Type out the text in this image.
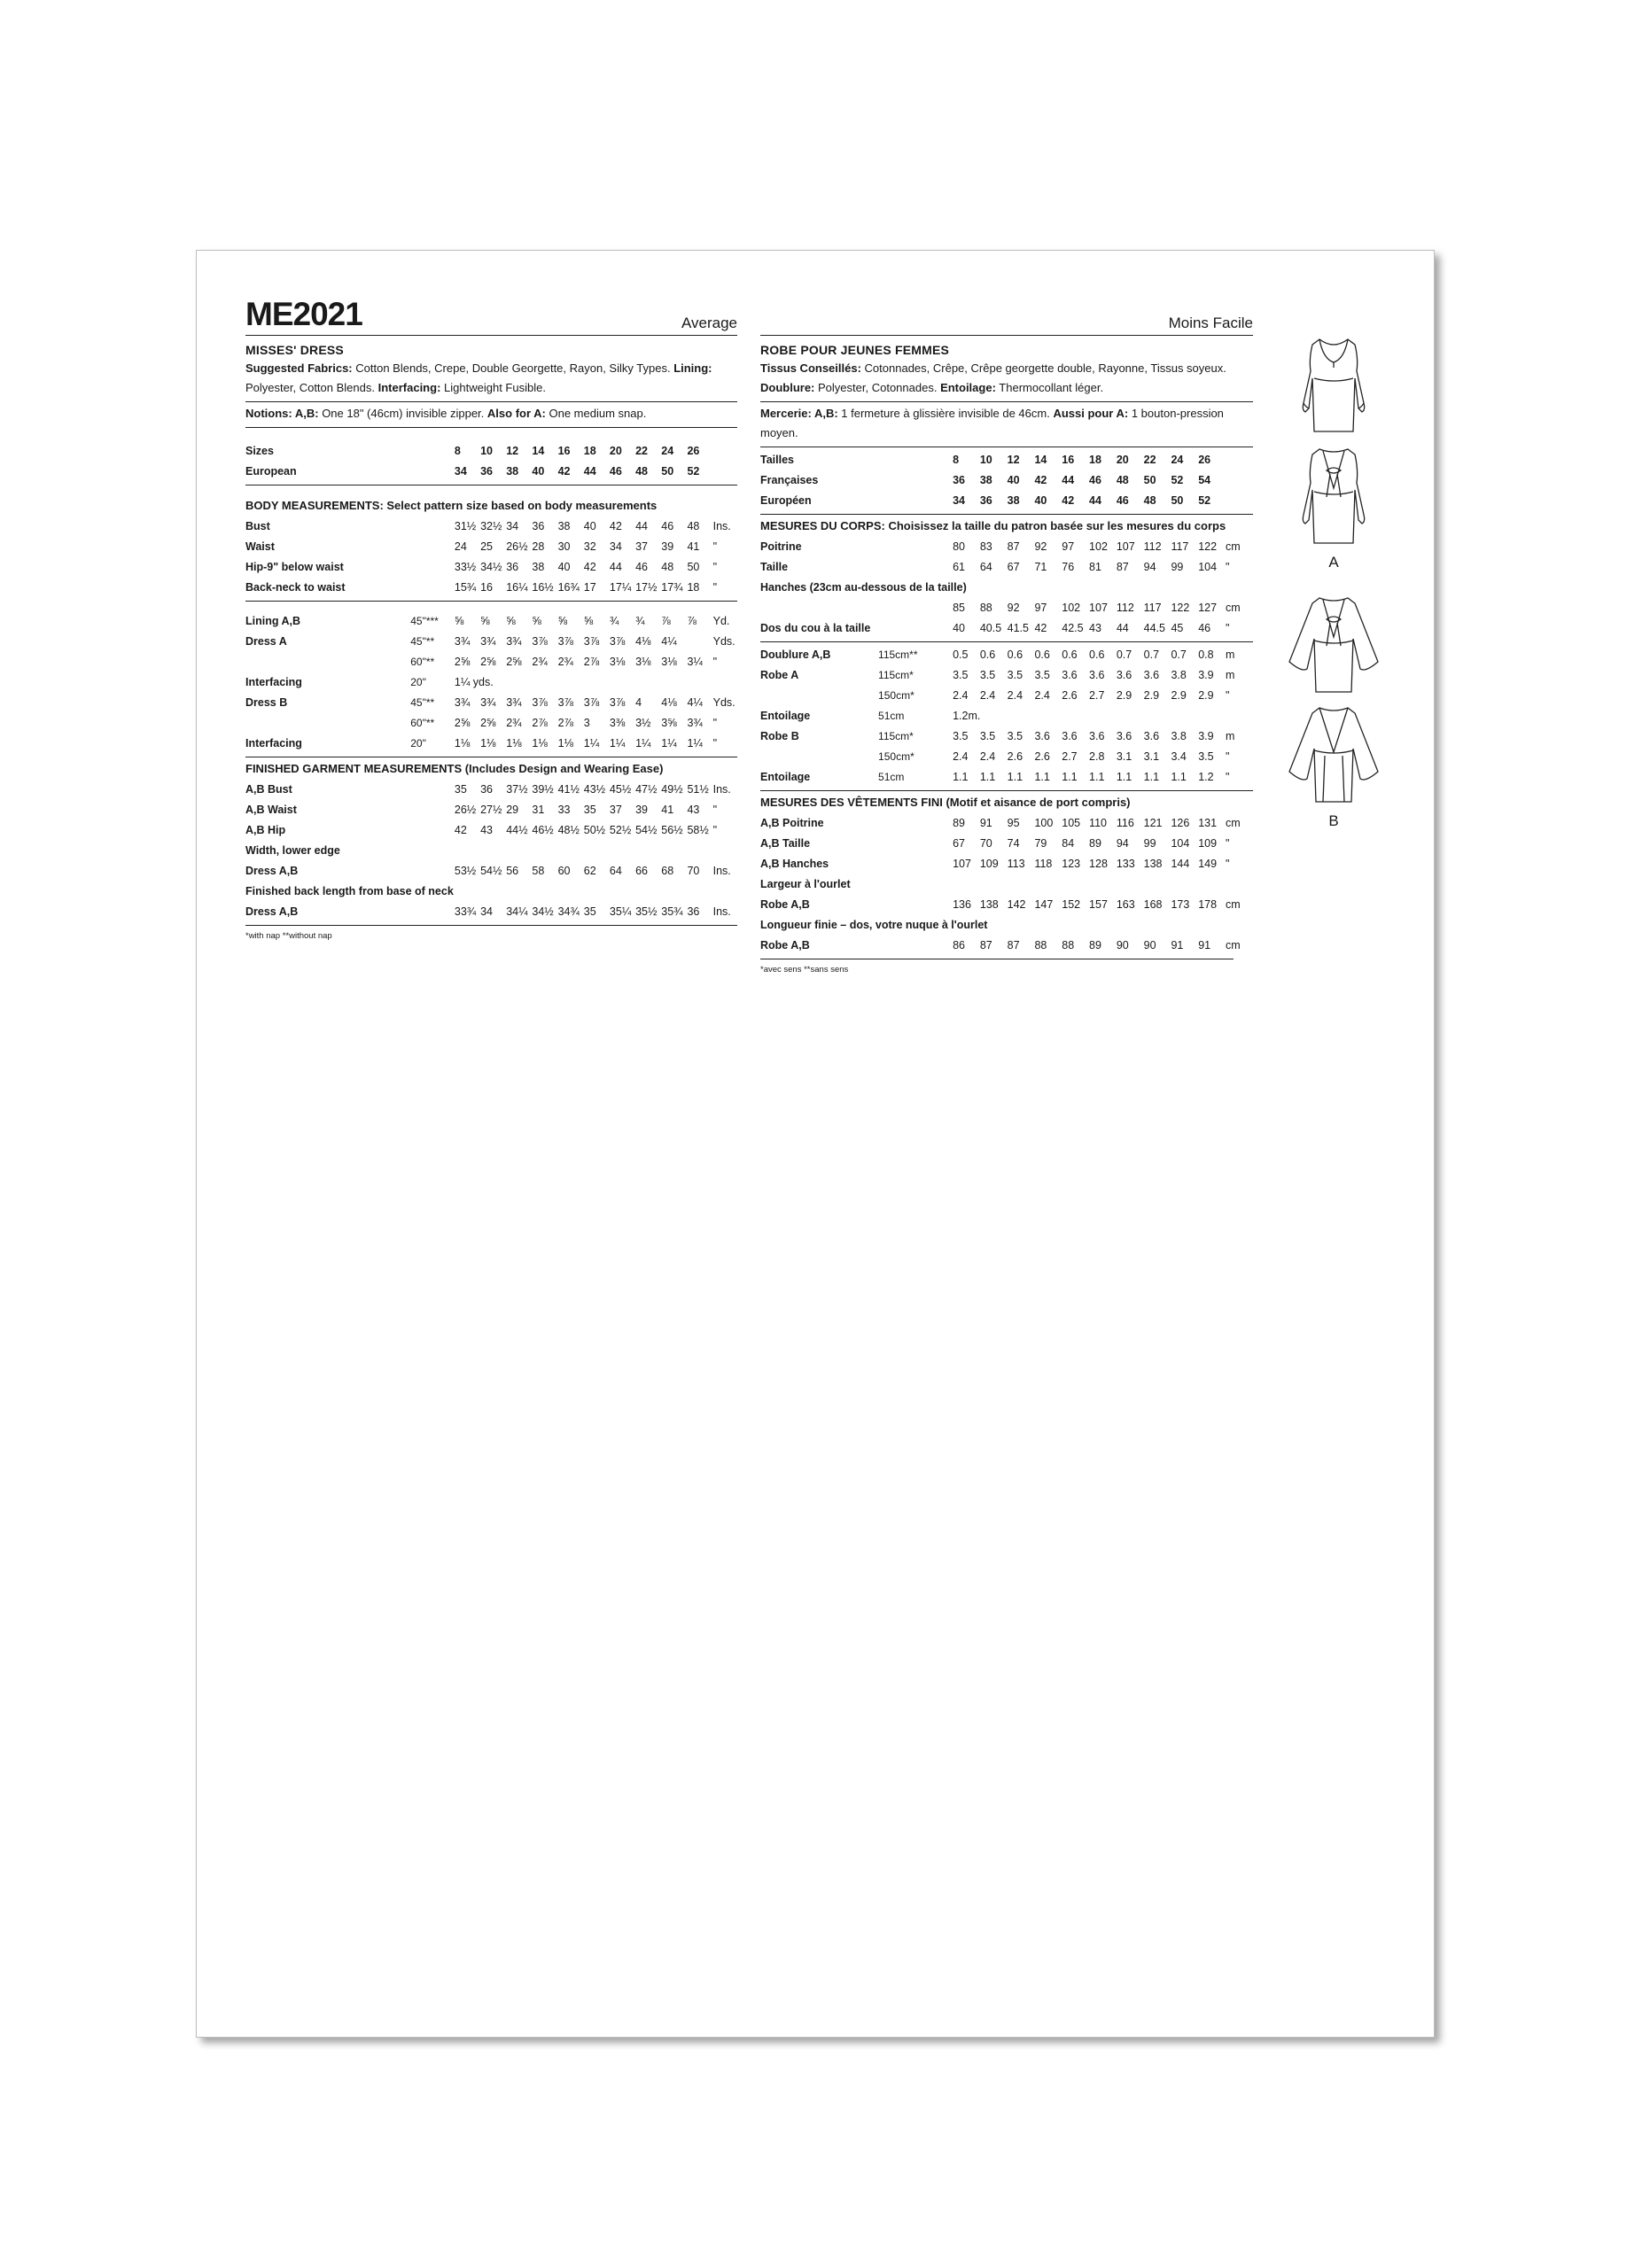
ME2021	Average
MISSES' DRESS
Suggested Fabrics: Cotton Blends, Crepe, Double Georgette, Rayon, Silky Types. Lining: Polyester, Cotton Blends. Interfacing: Lightweight Fusible.
Notions: A,B: One 18" (46cm) invisible zipper. Also for A: One medium snap.
Sizes		8	10	12	14	16	18	20	22	24	26	
European		34	36	38	40	42	44	46	48	50	52	
BODY MEASUREMENTS: Select pattern size based on body measurements
Bust		31½	32½	34	36	38	40	42	44	46	48	Ins.
Waist		24	25	26½	28	30	32	34	37	39	41	"
Hip-9" below waist		33½	34½	36	38	40	42	44	46	48	50	"
Back-neck to waist		15¾	16	16¼	16½	16¾	17	17¼	17½	17¾	18	"
Lining A,B	45"***	⅝	⅝	⅝	⅝	⅝	⅝	¾	¾	⅞	⅞	Yd.
Dress A	45"**	3¾	3¾	3¾	3⅞	3⅞	3⅞	3⅞	4⅛	4¼		Yds.
	60"**	2⅝	2⅝	2⅝	2¾	2¾	2⅞	3⅛	3⅛	3⅛	3¼	"
Interfacing	20"	1¼ yds.										
Dress B	45"**	3¾	3¾	3¾	3⅞	3⅞	3⅞	3⅞	4	4⅛	4¼	Yds.
	60"**	2⅝	2⅝	2¾	2⅞	2⅞	3	3⅜	3½	3⅝	3¾	"
Interfacing	20"	1⅛	1⅛	1⅛	1⅛	1⅛	1¼	1¼	1¼	1¼	1¼	"
FINISHED GARMENT MEASUREMENTS (Includes Design and Wearing Ease)
A,B Bust		35	36	37½	39½	41½	43½	45½	47½	49½	51½	Ins.
A,B Waist		26½	27½	29	31	33	35	37	39	41	43	"
A,B Hip		42	43	44½	46½	48½	50½	52½	54½	56½	58½	"
Width, lower edge												
Dress A,B		53½	54½	56	58	60	62	64	66	68	70	Ins.
Finished back length from base of neck												
Dress A,B		33¾	34	34¼	34½	34¾	35	35¼	35½	35¾	36	Ins.
*with nap **without nap
Moins Facile
ROBE POUR JEUNES FEMMES
Tissus Conseillés: Cotonnades, Crêpe, Crêpe georgette double, Rayonne, Tissus soyeux. Doublure: Polyester, Cotonnades. Entoilage: Thermocollant léger.
Mercerie: A,B: 1 fermeture à glissière invisible de 46cm. Aussi pour A: 1 bouton-pression moyen.
Tailles		8	10	12	14	16	18	20	22	24	26	
Françaises		36	38	40	42	44	46	48	50	52	54	
Européen		34	36	38	40	42	44	46	48	50	52	
MESURES DU CORPS: Choisissez la taille du patron basée sur les mesures du corps
Poitrine		80	83	87	92	97	102	107	112	117	122	cm
Taille		61	64	67	71	76	81	87	94	99	104	"
Hanches (23cm au-dessous de la taille)												
		85	88	92	97	102	107	112	117	122	127	cm
Dos du cou à la taille		40	40.5	41.5	42	42.5	43	44	44.5	45	46	"
Doublure A,B	115cm**	0.5	0.6	0.6	0.6	0.6	0.6	0.7	0.7	0.7	0.8	m
Robe A	115cm*	3.5	3.5	3.5	3.5	3.6	3.6	3.6	3.6	3.8	3.9	m
	150cm*	2.4	2.4	2.4	2.4	2.6	2.7	2.9	2.9	2.9	2.9	"
Entoilage	51cm	1.2m.										
Robe B	115cm*	3.5	3.5	3.5	3.6	3.6	3.6	3.6	3.6	3.8	3.9	m
	150cm*	2.4	2.4	2.6	2.6	2.7	2.8	3.1	3.1	3.4	3.5	"
Entoilage	51cm	1.1	1.1	1.1	1.1	1.1	1.1	1.1	1.1	1.1	1.2	"
MESURES DES VÊTEMENTS FINI (Motif et aisance de port compris)
A,B Poitrine		89	91	95	100	105	110	116	121	126	131	cm
A,B Taille		67	70	74	79	84	89	94	99	104	109	"
A,B Hanches		107	109	113	118	123	128	133	138	144	149	"
Largeur à l'ourlet												
Robe A,B		136	138	142	147	152	157	163	168	173	178	cm
Longueur finie – dos, votre nuque à l'ourlet												
Robe A,B		86	87	87	88	88	89	90	90	91	91	cm
*avec sens **sans sens
A
B
